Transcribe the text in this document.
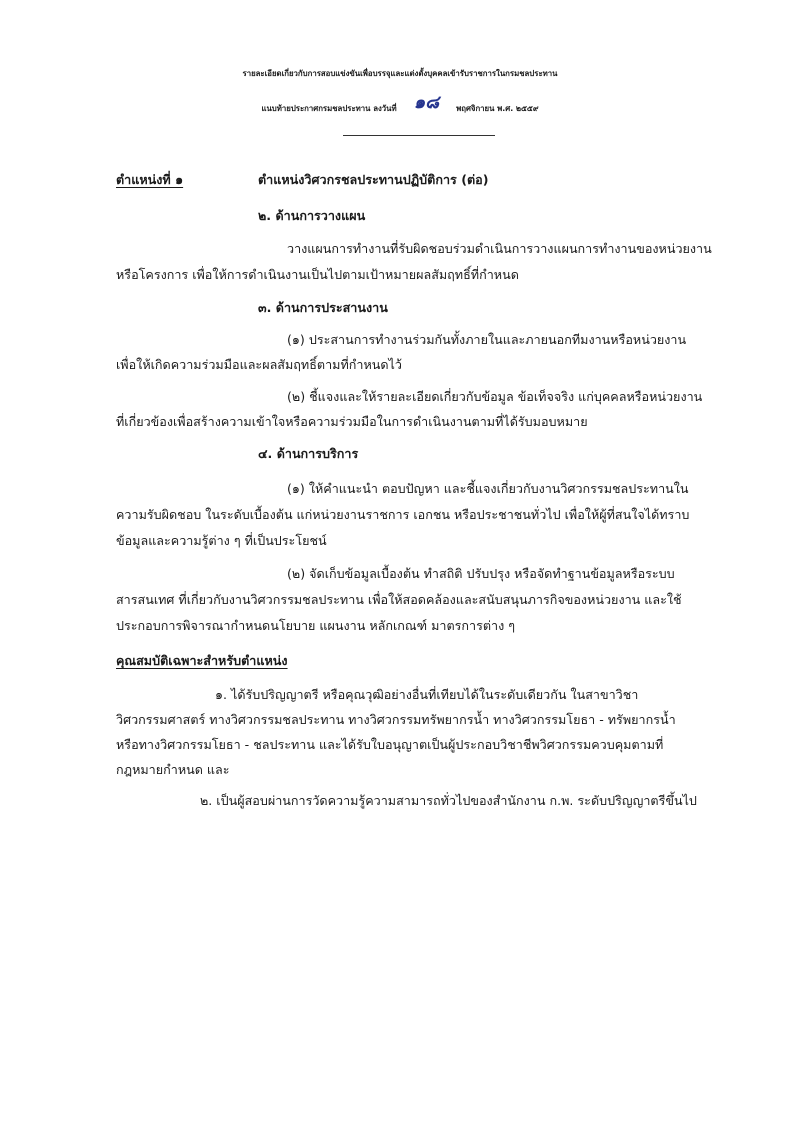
รายละเอียดเกี่ยวกับการสอบแข่งขันเพื่อบรรจุและแต่งตั้งบุคคลเข้ารับราชการในกรมชลประทาน
แนบท้ายประกาศกรมชลประทาน ลงวันที่ ๑๘ พฤศจิกายน พ.ศ. ๒๕๕๙
ตำแหน่งที่ ๑	ตำแหน่งวิศวกรชลประทานปฏิบัติการ (ต่อ)
๒. ด้านการวางแผน
วางแผนการทำงานที่รับผิดชอบร่วมดำเนินการวางแผนการทำงานของหน่วยงาน
หรือโครงการ เพื่อให้การดำเนินงานเป็นไปตามเป้าหมายผลสัมฤทธิ์ที่กำหนด
๓. ด้านการประสานงาน
(๑) ประสานการทำงานร่วมกันทั้งภายในและภายนอกทีมงานหรือหน่วยงาน
เพื่อให้เกิดความร่วมมือและผลสัมฤทธิ์ตามที่กำหนดไว้
(๒) ชี้แจงและให้รายละเอียดเกี่ยวกับข้อมูล ข้อเท็จจริง แก่บุคคลหรือหน่วยงาน
ที่เกี่ยวข้องเพื่อสร้างความเข้าใจหรือความร่วมมือในการดำเนินงานตามที่ได้รับมอบหมาย
๔. ด้านการบริการ
(๑) ให้คำแนะนำ ตอบปัญหา และชี้แจงเกี่ยวกับงานวิศวกรรมชลประทานใน
ความรับผิดชอบ ในระดับเบื้องต้น แก่หน่วยงานราชการ เอกชน หรือประชาชนทั่วไป เพื่อให้ผู้ที่สนใจได้ทราบ
ข้อมูลและความรู้ต่าง ๆ ที่เป็นประโยชน์
(๒) จัดเก็บข้อมูลเบื้องต้น ทำสถิติ ปรับปรุง หรือจัดทำฐานข้อมูลหรือระบบ
สารสนเทศ ที่เกี่ยวกับงานวิศวกรรมชลประทาน เพื่อให้สอดคล้องและสนับสนุนภารกิจของหน่วยงาน และใช้
ประกอบการพิจารณากำหนดนโยบาย แผนงาน หลักเกณฑ์ มาตรการต่าง ๆ
คุณสมบัติเฉพาะสำหรับตำแหน่ง
๑. ได้รับปริญญาตรี หรือคุณวุฒิอย่างอื่นที่เทียบได้ในระดับเดียวกัน ในสาขาวิชา
วิศวกรรมศาสตร์ ทางวิศวกรรมชลประทาน ทางวิศวกรรมทรัพยากรน้ำ ทางวิศวกรรมโยธา - ทรัพยากรน้ำ
หรือทางวิศวกรรมโยธา - ชลประทาน และได้รับใบอนุญาตเป็นผู้ประกอบวิชาชีพวิศวกรรมควบคุมตามที่
กฎหมายกำหนด และ
๒. เป็นผู้สอบผ่านการวัดความรู้ความสามารถทั่วไปของสำนักงาน ก.พ. ระดับปริญญาตรีขึ้นไป
